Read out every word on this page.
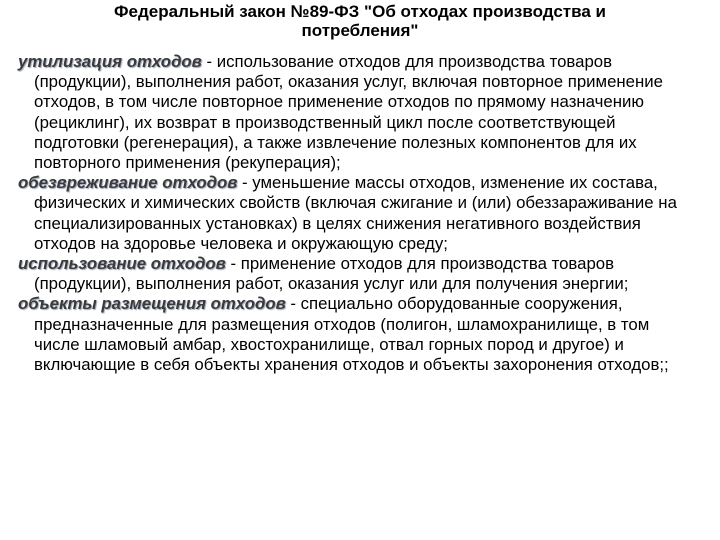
Федеральный закон №89-ФЗ "Об отходах производства и
потребления"

утилизация отходов - использование отходов для производства товаров (продукции), выполнения работ, оказания услуг, включая повторное применение отходов, в том числе повторное применение отходов по прямому назначению (рециклинг), их возврат в производственный цикл после соответствующей подготовки (регенерация), а также извлечение полезных компонентов для их повторного применения (рекуперация);

обезвреживание отходов - уменьшение массы отходов, изменение их состава, физических и химических свойств (включая сжигание и (или) обеззараживание на специализированных установках) в целях снижения негативного воздействия отходов на здоровье человека и окружающую среду;

использование отходов - применение отходов для производства товаров (продукции), выполнения работ, оказания услуг или для получения энергии;

объекты размещения отходов - специально оборудованные сооружения, предназначенные для размещения отходов (полигон, шламохранилище, в том числе шламовый амбар, хвостохранилище, отвал горных пород и другое) и включающие в себя объекты хранения отходов и объекты захоронения отходов;;
